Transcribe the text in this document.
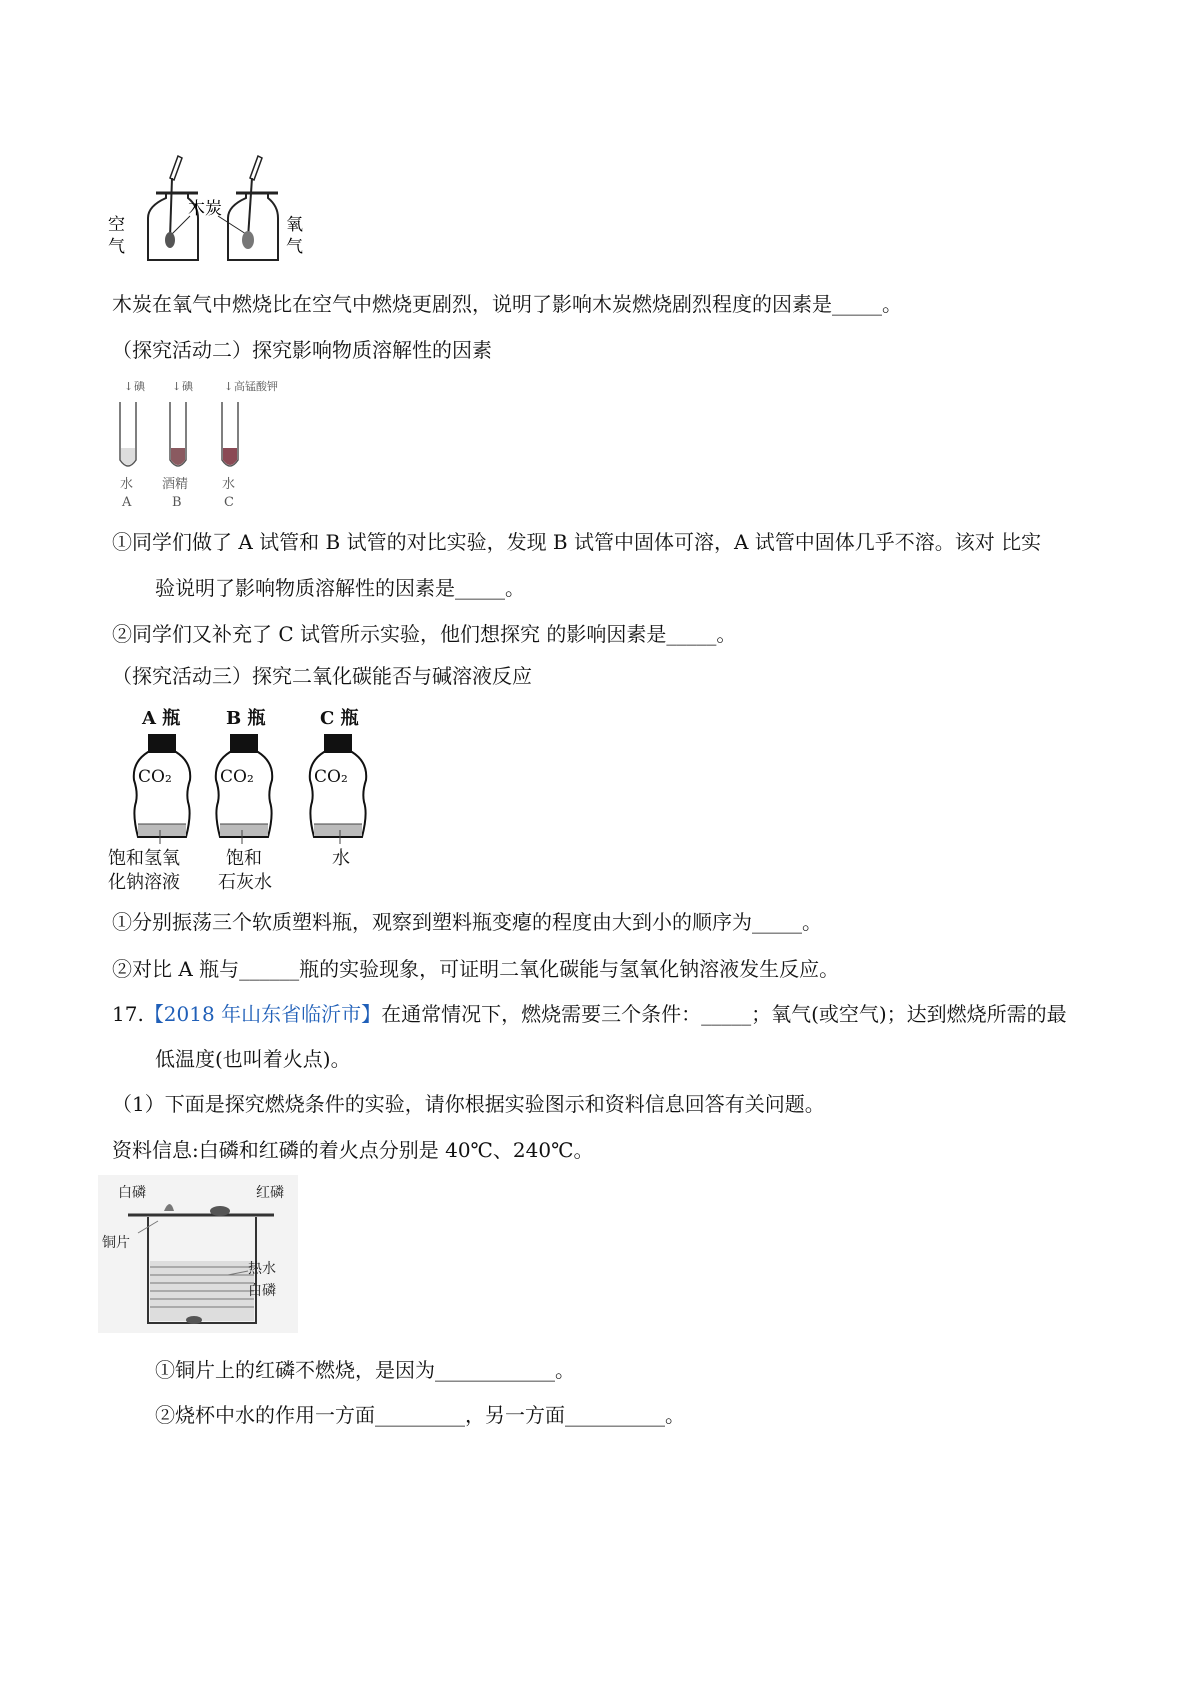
空
气
木炭
氧
气
木炭在氧气中燃烧比在空气中燃烧更剧烈，说明了影响木炭燃烧剧烈程度的因素是_____。
（探究活动二）探究影响物质溶解性的因素
↓ 碘 ↓ 碘	↓ 高锰酸钾
水 酒精	水
A	B	C
①同学们做了 A 试管和 B 试管的对比实验，发现 B 试管中固体可溶，A 试管中固体几乎不溶。该对 比实
验说明了影响物质溶解性的因素是_____。
②同学们又补充了 C 试管所示实验，他们想探究 的影响因素是_____。
（探究活动三）探究二氧化碳能否与碱溶液反应
A 瓶	B 瓶	C 瓶
CO₂	CO₂	CO₂
饱和氢氧
化钠溶液
饱和
石灰水
水
①分别振荡三个软质塑料瓶，观察到塑料瓶变瘪的程度由大到小的顺序为_____。
②对比 A 瓶与______瓶的实验现象，可证明二氧化碳能与氢氧化钠溶液发生反应。
17.【2018 年山东省临沂市】在通常情况下，燃烧需要三个条件：_____；氧气(或空气)；达到燃烧所需的最
低温度(也叫着火点)。
（1）下面是探究燃烧条件的实验，请你根据实验图示和资料信息回答有关问题。
资料信息:白磷和红磷的着火点分别是 40℃、240℃。
白磷	红磷
铜片
热水
白磷
①铜片上的红磷不燃烧，是因为____________。
②烧杯中水的作用一方面_________，另一方面__________。
